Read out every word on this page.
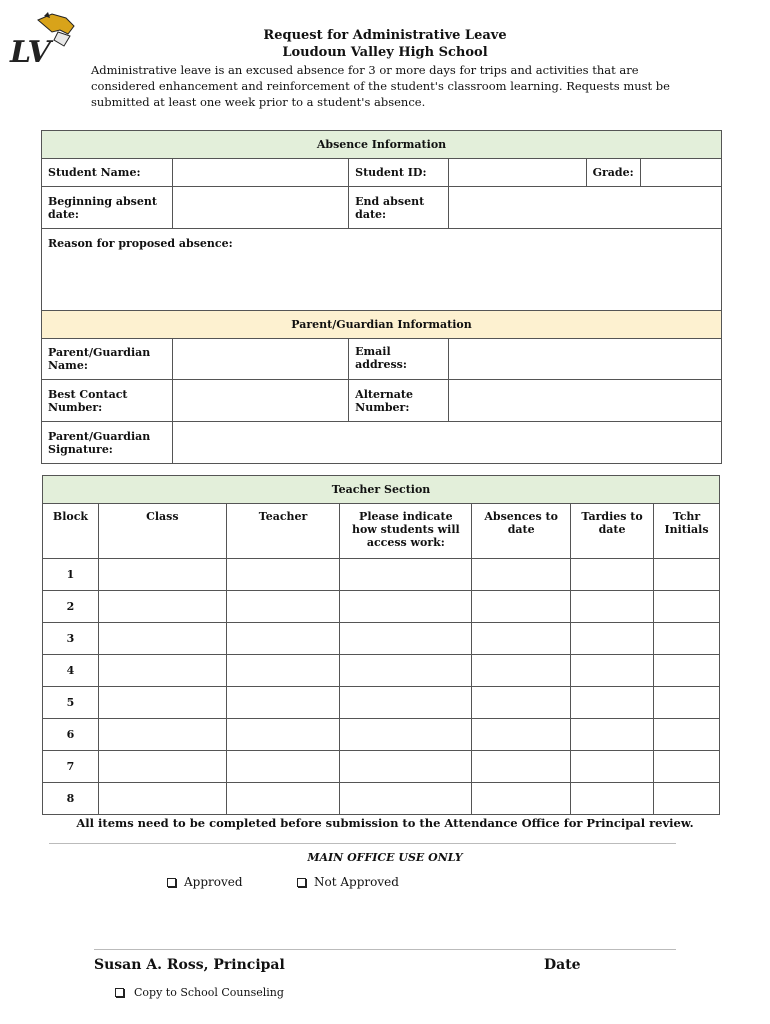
LV	Request for Administrative Leave
Loudoun Valley High School
Administrative leave is an excused absence for 3 or more days for trips and activities that are considered enhancement and reinforcement of the student's classroom learning. Requests must be submitted at least one week prior to a student's absence.
Absence Information					
Student Name:		Student ID:		Grade:	
Beginning absent date:		End absent date:			
Reason for proposed absence:					
Parent/Guardian Information					
Parent/Guardian Name:		Email address:			
Best Contact Number:		Alternate Number:			
Parent/Guardian Signature:					
Teacher Section						
Block	Class	Teacher	Please indicate how students will access work:	Absences to date	Tardies to date	Tchr Initials
1						
2						
3						
4						
5						
6						
7						
8						
All items need to be completed before submission to the Attendance Office for Principal review.
MAIN OFFICE USE ONLY
Approved	Not Approved
Susan A. Ross, Principal	Date
Copy to School Counseling
